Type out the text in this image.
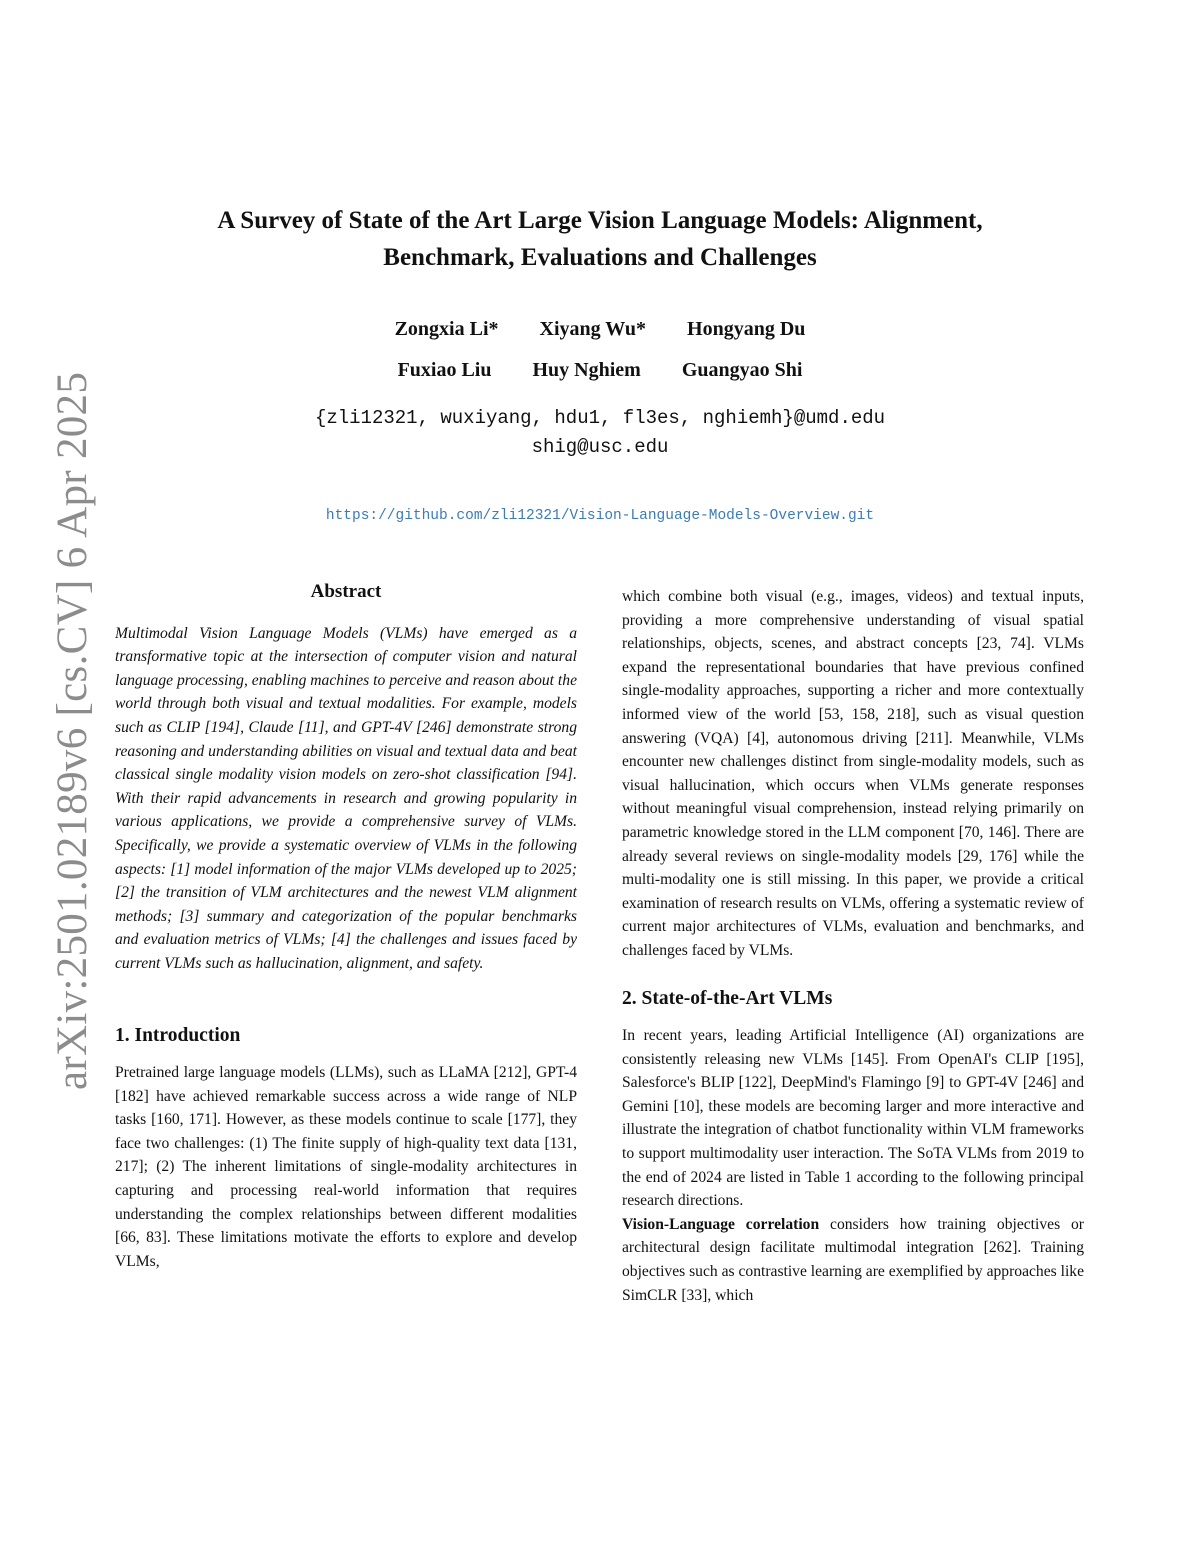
arXiv:2501.02189v6 [cs.CV] 6 Apr 2025
A Survey of State of the Art Large Vision Language Models: Alignment,
Benchmark, Evaluations and Challenges
Zongxia Li* Xiyang Wu* Hongyang Du
Fuxiao Liu Huy Nghiem Guangyao Shi
{zli12321, wuxiyang, hdu1, fl3es, nghiemh}@umd.edu
shig@usc.edu
https://github.com/zli12321/Vision-Language-Models-Overview.git
Abstract

Multimodal Vision Language Models (VLMs) have emerged as a transformative topic at the intersection of computer vision and natural language processing, enabling machines to perceive and reason about the world through both visual and textual modalities. For example, models such as CLIP [194], Claude [11], and GPT-4V [246] demonstrate strong reasoning and understanding abilities on visual and textual data and beat classical single modality vision models on zero-shot classification [94]. With their rapid advancements in research and growing popularity in various applications, we provide a comprehensive survey of VLMs. Specifically, we provide a systematic overview of VLMs in the following aspects: [1] model information of the major VLMs developed up to 2025; [2] the transition of VLM architectures and the newest VLM alignment methods; [3] summary and categorization of the popular benchmarks and evaluation metrics of VLMs; [4] the challenges and issues faced by current VLMs such as hallucination, alignment, and safety.

1. Introduction

Pretrained large language models (LLMs), such as LLaMA [212], GPT-4 [182] have achieved remarkable success across a wide range of NLP tasks [160, 171]. However, as these models continue to scale [177], they face two challenges: (1) The finite supply of high-quality text data [131, 217]; (2) The inherent limitations of single-modality architectures in capturing and processing real-world information that requires understanding the complex relationships between different modalities [66, 83]. These limitations motivate the efforts to explore and develop VLMs,

which combine both visual (e.g., images, videos) and textual inputs, providing a more comprehensive understanding of visual spatial relationships, objects, scenes, and abstract concepts [23, 74]. VLMs expand the representational boundaries that have previous confined single-modality approaches, supporting a richer and more contextually informed view of the world [53, 158, 218], such as visual question answering (VQA) [4], autonomous driving [211]. Meanwhile, VLMs encounter new challenges distinct from single-modality models, such as visual hallucination, which occurs when VLMs generate responses without meaningful visual comprehension, instead relying primarily on parametric knowledge stored in the LLM component [70, 146]. There are already several reviews on single-modality models [29, 176] while the multi-modality one is still missing. In this paper, we provide a critical examination of research results on VLMs, offering a systematic review of current major architectures of VLMs, evaluation and benchmarks, and challenges faced by VLMs.

2. State-of-the-Art VLMs

In recent years, leading Artificial Intelligence (AI) organizations are consistently releasing new VLMs [145]. From OpenAI's CLIP [195], Salesforce's BLIP [122], DeepMind's Flamingo [9] to GPT-4V [246] and Gemini [10], these models are becoming larger and more interactive and illustrate the integration of chatbot functionality within VLM frameworks to support multimodality user interaction. The SoTA VLMs from 2019 to the end of 2024 are listed in Table 1 according to the following principal research directions.

Vision-Language correlation considers how training objectives or architectural design facilitate multimodal integration [262]. Training objectives such as contrastive learning are exemplified by approaches like SimCLR [33], which
